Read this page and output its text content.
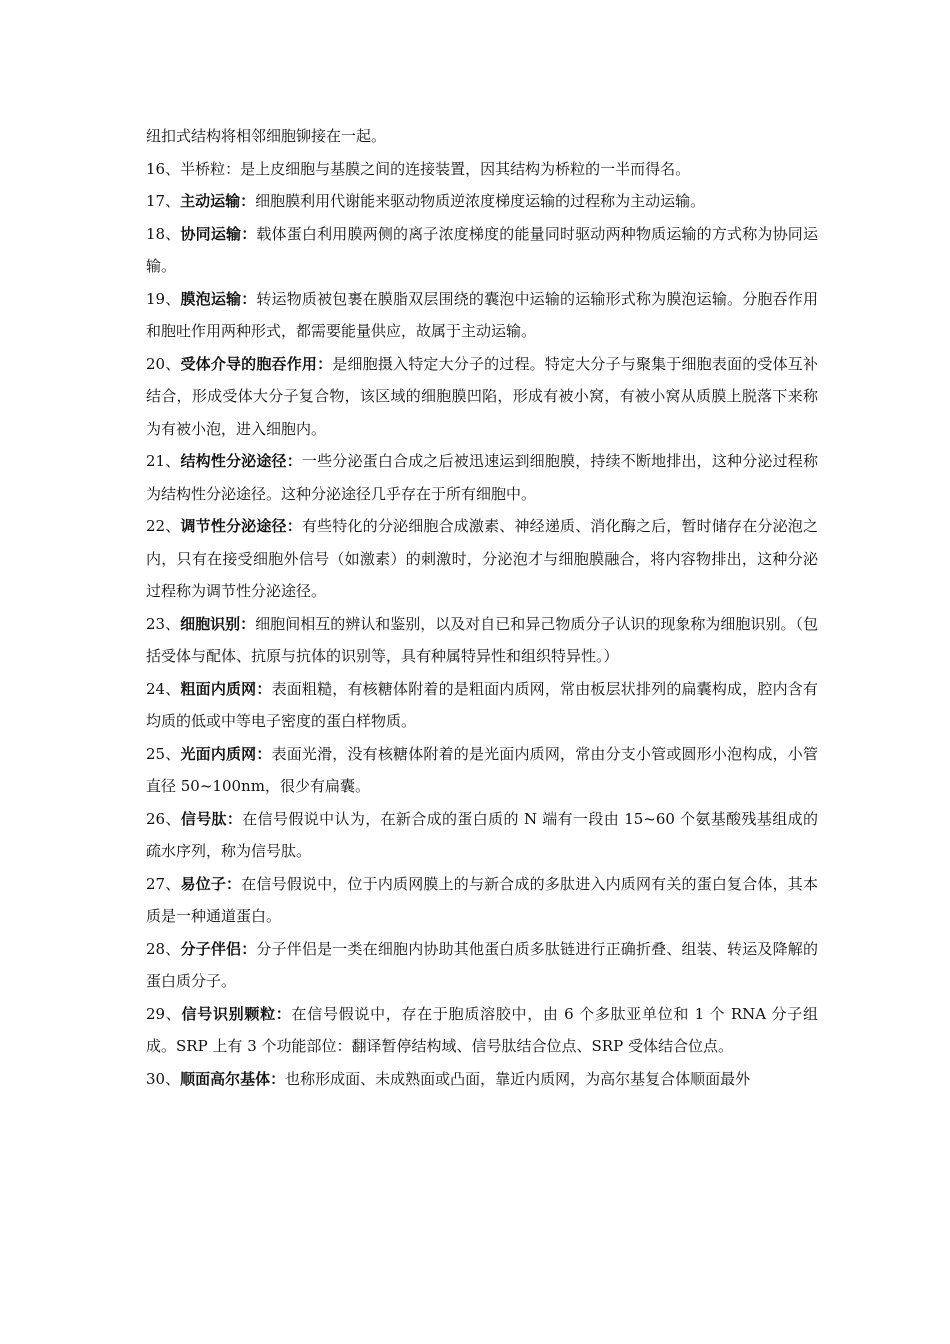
纽扣式结构将相邻细胞铆接在一起。

16、半桥粒：是上皮细胞与基膜之间的连接装置，因其结构为桥粒的一半而得名。

17、主动运输：细胞膜利用代谢能来驱动物质逆浓度梯度运输的过程称为主动运输。

18、协同运输：载体蛋白利用膜两侧的离子浓度梯度的能量同时驱动两种物质运输的方式称为协同运输。

19、膜泡运输：转运物质被包裹在膜脂双层围绕的囊泡中运输的运输形式称为膜泡运输。分胞吞作用和胞吐作用两种形式，都需要能量供应，故属于主动运输。

20、受体介导的胞吞作用：是细胞摄入特定大分子的过程。特定大分子与聚集于细胞表面的受体互补结合，形成受体大分子复合物，该区域的细胞膜凹陷，形成有被小窝，有被小窝从质膜上脱落下来称为有被小泡，进入细胞内。

21、结构性分泌途径：一些分泌蛋白合成之后被迅速运到细胞膜，持续不断地排出，这种分泌过程称为结构性分泌途径。这种分泌途径几乎存在于所有细胞中。

22、调节性分泌途径：有些特化的分泌细胞合成激素、神经递质、消化酶之后，暂时储存在分泌泡之内，只有在接受细胞外信号（如激素）的刺激时，分泌泡才与细胞膜融合，将内容物排出，这种分泌过程称为调节性分泌途径。

23、细胞识别：细胞间相互的辨认和鉴别，以及对自已和异己物质分子认识的现象称为细胞识别。（包括受体与配体、抗原与抗体的识别等，具有种属特异性和组织特异性。）

24、粗面内质网：表面粗糙，有核糖体附着的是粗面内质网，常由板层状排列的扁囊构成，腔内含有均质的低或中等电子密度的蛋白样物质。

25、光面内质网：表面光滑，没有核糖体附着的是光面内质网，常由分支小管或圆形小泡构成，小管直径 50~100nm，很少有扁囊。

26、信号肽：在信号假说中认为，在新合成的蛋白质的 N 端有一段由 15~60 个氨基酸残基组成的疏水序列，称为信号肽。

27、易位子：在信号假说中，位于内质网膜上的与新合成的多肽进入内质网有关的蛋白复合体，其本质是一种通道蛋白。

28、分子伴侣：分子伴侣是一类在细胞内协助其他蛋白质多肽链进行正确折叠、组装、转运及降解的蛋白质分子。

29、信号识别颗粒：在信号假说中，存在于胞质溶胶中，由 6 个多肽亚单位和 1 个 RNA 分子组成。SRP 上有 3 个功能部位：翻译暂停结构域、信号肽结合位点、SRP 受体结合位点。

30、顺面高尔基体：也称形成面、未成熟面或凸面，靠近内质网，为高尔基复合体顺面最外
